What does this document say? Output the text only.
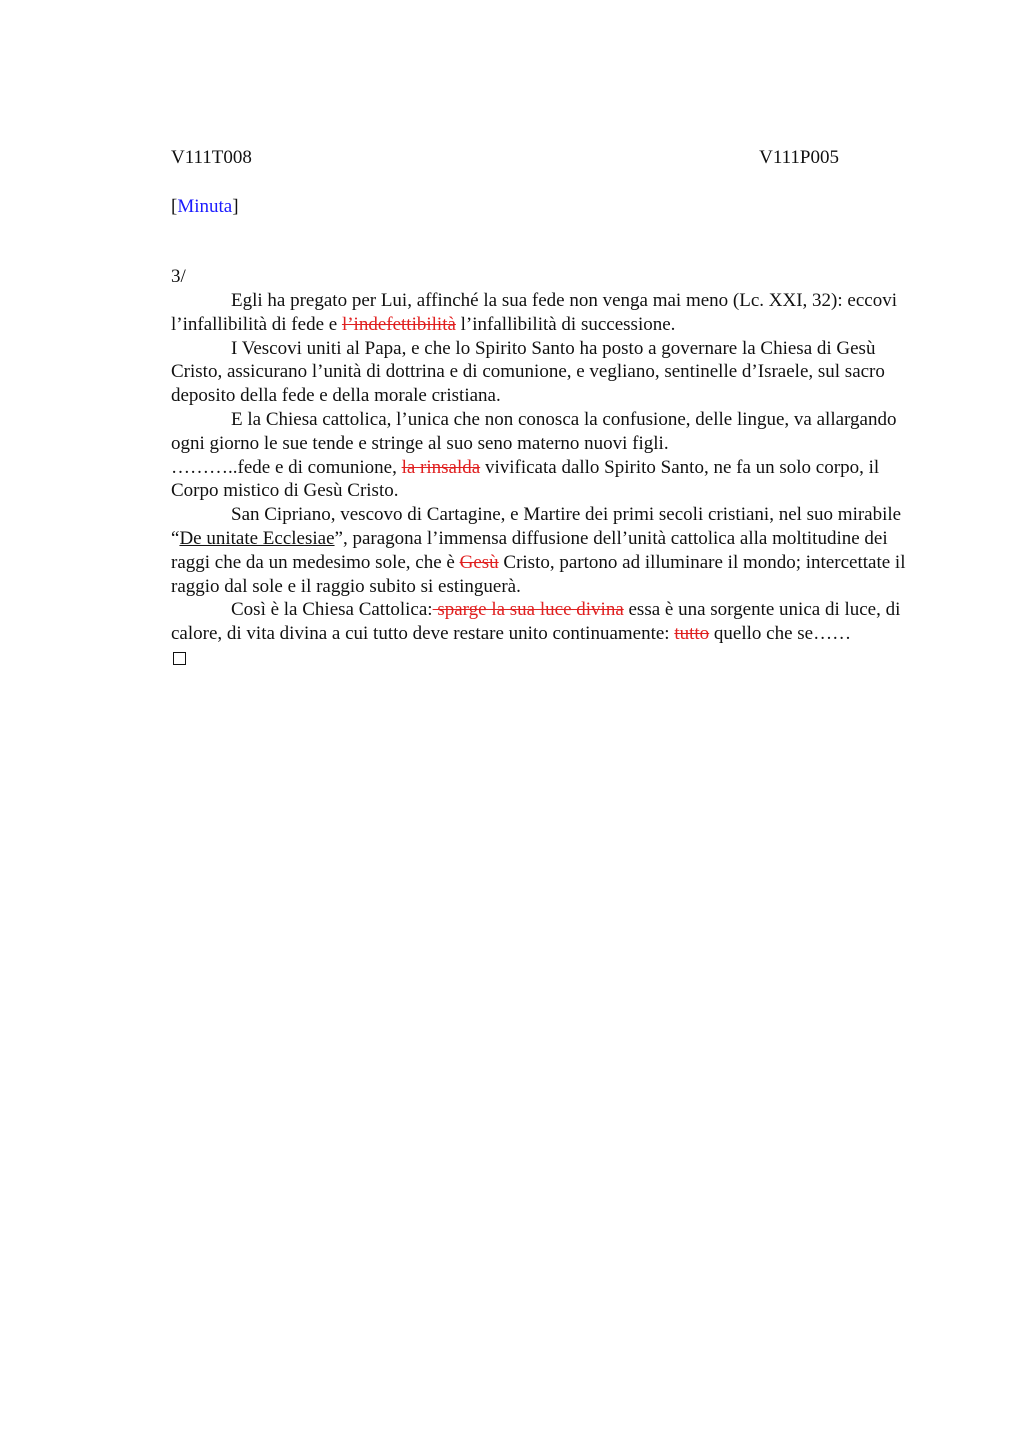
V111T008	V111P005
[Minuta]
3/

Egli ha pregato per Lui, affinché la sua fede non venga mai meno (Lc. XXI, 32): eccovi l’infallibilità di fede e l’indefettibilità l’infallibilità di successione.

I Vescovi uniti al Papa, e che lo Spirito Santo ha posto a governare la Chiesa di Gesù Cristo, assicurano l’unità di dottrina e di comunione, e vegliano, sentinelle d’Israele, sul sacro deposito della fede e della morale cristiana.

E la Chiesa cattolica, l’unica che non conosca la confusione, delle lingue, va allargando ogni giorno le sue tende e stringe al suo seno materno nuovi figli.

………..fede e di comunione, la rinsalda vivificata dallo Spirito Santo, ne fa un solo corpo, il Corpo mistico di Gesù Cristo.

San Cipriano, vescovo di Cartagine, e Martire dei primi secoli cristiani, nel suo mirabile “De unitate Ecclesiae”, paragona l’immensa diffusione dell’unità cattolica alla moltitudine dei raggi che da un medesimo sole, che è Gesù Cristo, partono ad illuminare il mondo; intercettate il raggio dal sole e il raggio subito si estinguerà.

Così è la Chiesa Cattolica: sparge la sua luce divina essa è una sorgente unica di luce, di calore, di vita divina a cui tutto deve restare unito continuamente: tutto quello che se……
